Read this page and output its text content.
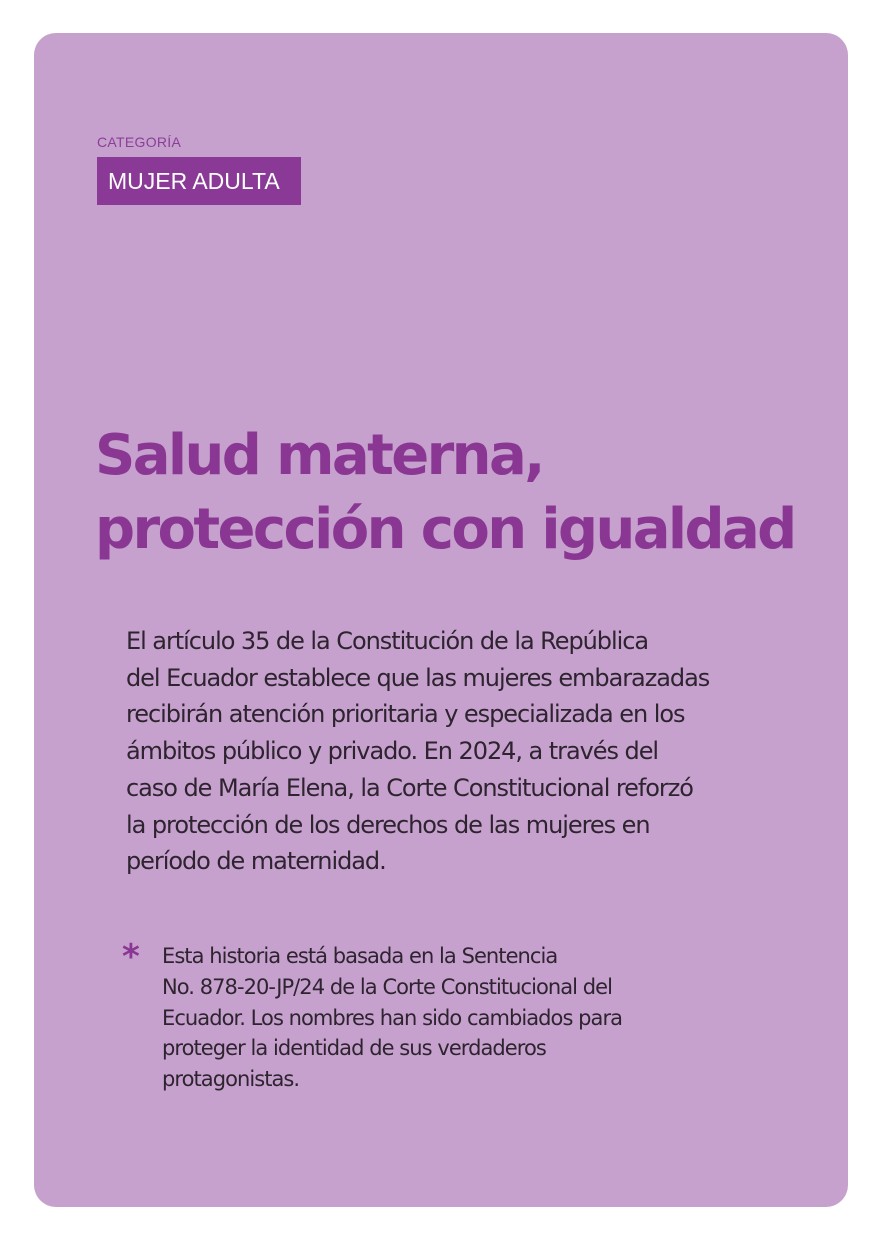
CATEGORÍA
MUJER ADULTA
Salud materna,
protección con igualdad
El artículo 35 de la Constitución de la República
del Ecuador establece que las mujeres embarazadas
recibirán atención prioritaria y especializada en los
ámbitos público y privado. En 2024, a través del
caso de María Elena, la Corte Constitucional reforzó
la protección de los derechos de las mujeres en
período de maternidad.
* Esta historia está basada en la Sentencia
No. 878-20-JP/24 de la Corte Constitucional del
Ecuador. Los nombres han sido cambiados para
proteger la identidad de sus verdaderos
protagonistas.
